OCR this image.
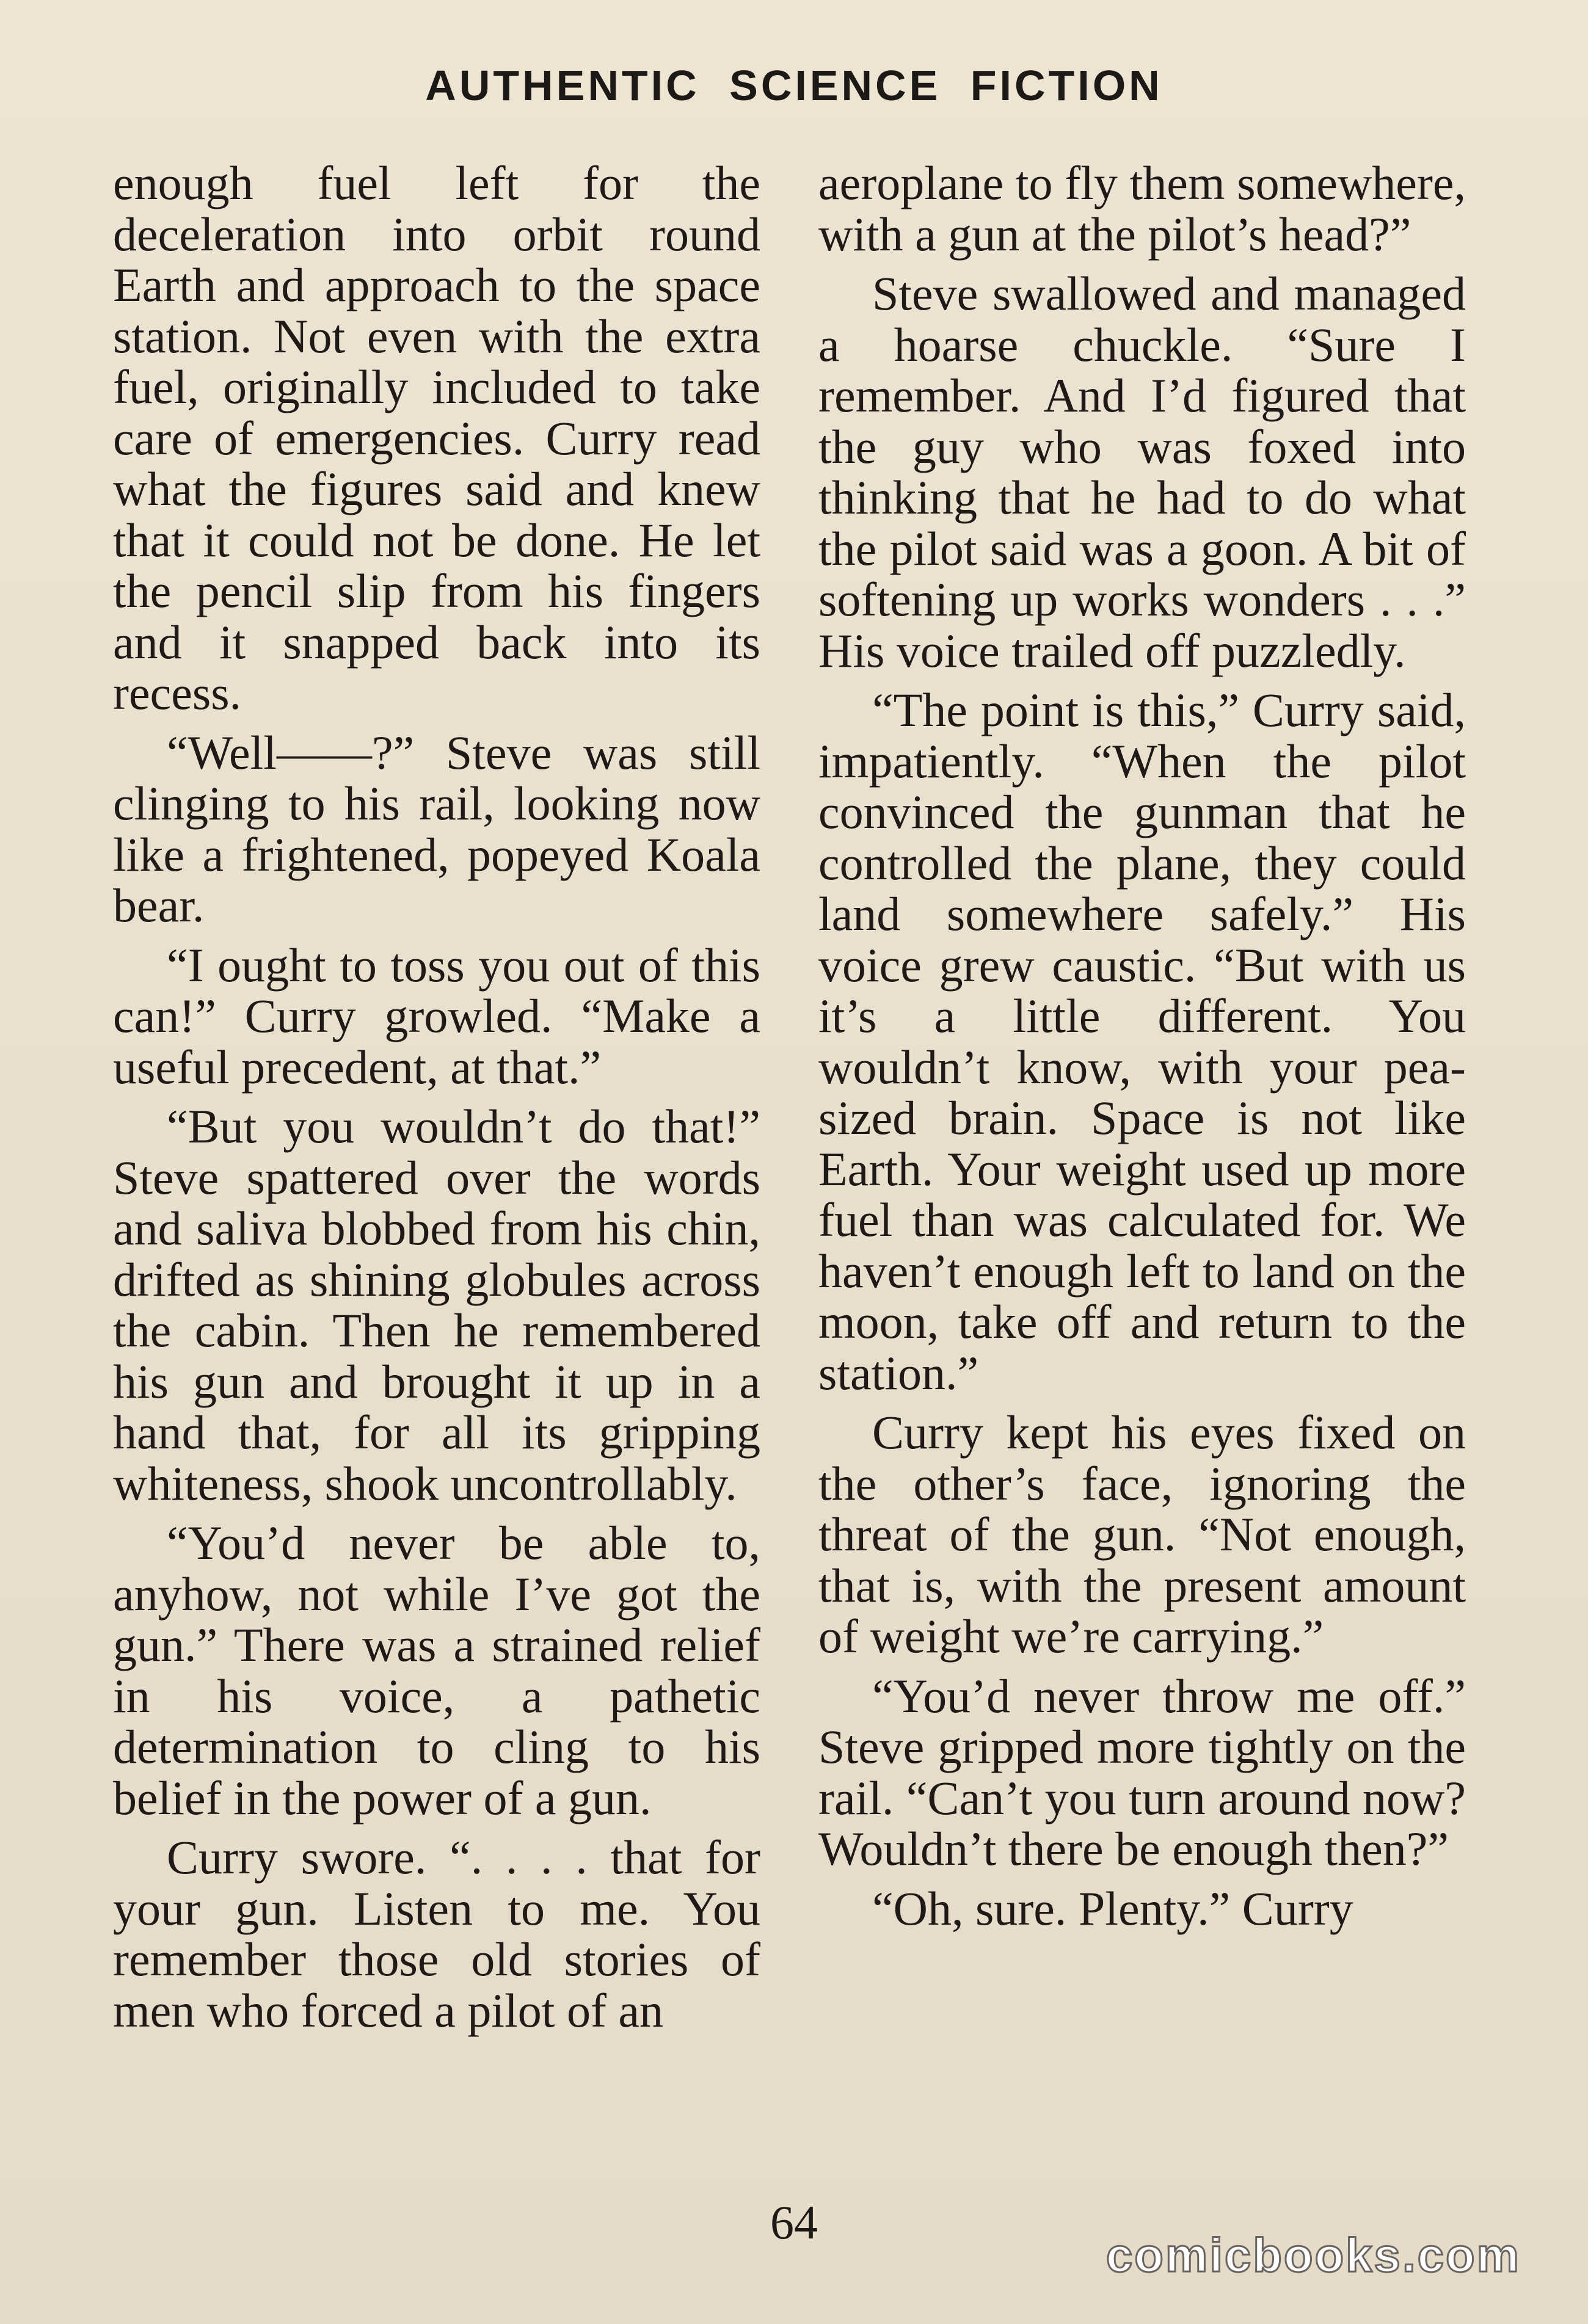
AUTHENTIC SCIENCE FICTION

enough fuel left for the deceleration into orbit round Earth and approach to the space station. Not even with the extra fuel, originally included to take care of emergencies. Curry read what the figures said and knew that it could not be done. He let the pencil slip from his fingers and it snapped back into its recess.

“Well——?” Steve was still clinging to his rail, looking now like a frightened, popeyed Koala bear.

“I ought to toss you out of this can!” Curry growled. “Make a useful precedent, at that.”

“But you wouldn’t do that!” Steve spattered over the words and saliva blobbed from his chin, drifted as shining globules across the cabin. Then he remembered his gun and brought it up in a hand that, for all its gripping whiteness, shook uncontrollably.

“You’d never be able to, anyhow, not while I’ve got the gun.” There was a strained relief in his voice, a pathetic determination to cling to his belief in the power of a gun.

Curry swore. “. . . . that for your gun. Listen to me. You remember those old stories of men who forced a pilot of an

aeroplane to fly them somewhere, with a gun at the pilot’s head?”

Steve swallowed and managed a hoarse chuckle. “Sure I remember. And I’d figured that the guy who was foxed into thinking that he had to do what the pilot said was a goon. A bit of softening up works wonders . . .” His voice trailed off puzzledly.

“The point is this,” Curry said, impatiently. “When the pilot convinced the gunman that he controlled the plane, they could land somewhere safely.” His voice grew caustic. “But with us it’s a little different. You wouldn’t know, with your pea-sized brain. Space is not like Earth. Your weight used up more fuel than was calculated for. We haven’t enough left to land on the moon, take off and return to the station.”

Curry kept his eyes fixed on the other’s face, ignoring the threat of the gun. “Not enough, that is, with the present amount of weight we’re carrying.”

“You’d never throw me off.” Steve gripped more tightly on the rail. “Can’t you turn around now? Wouldn’t there be enough then?”

“Oh, sure. Plenty.” Curry

64
comicbooks.com
